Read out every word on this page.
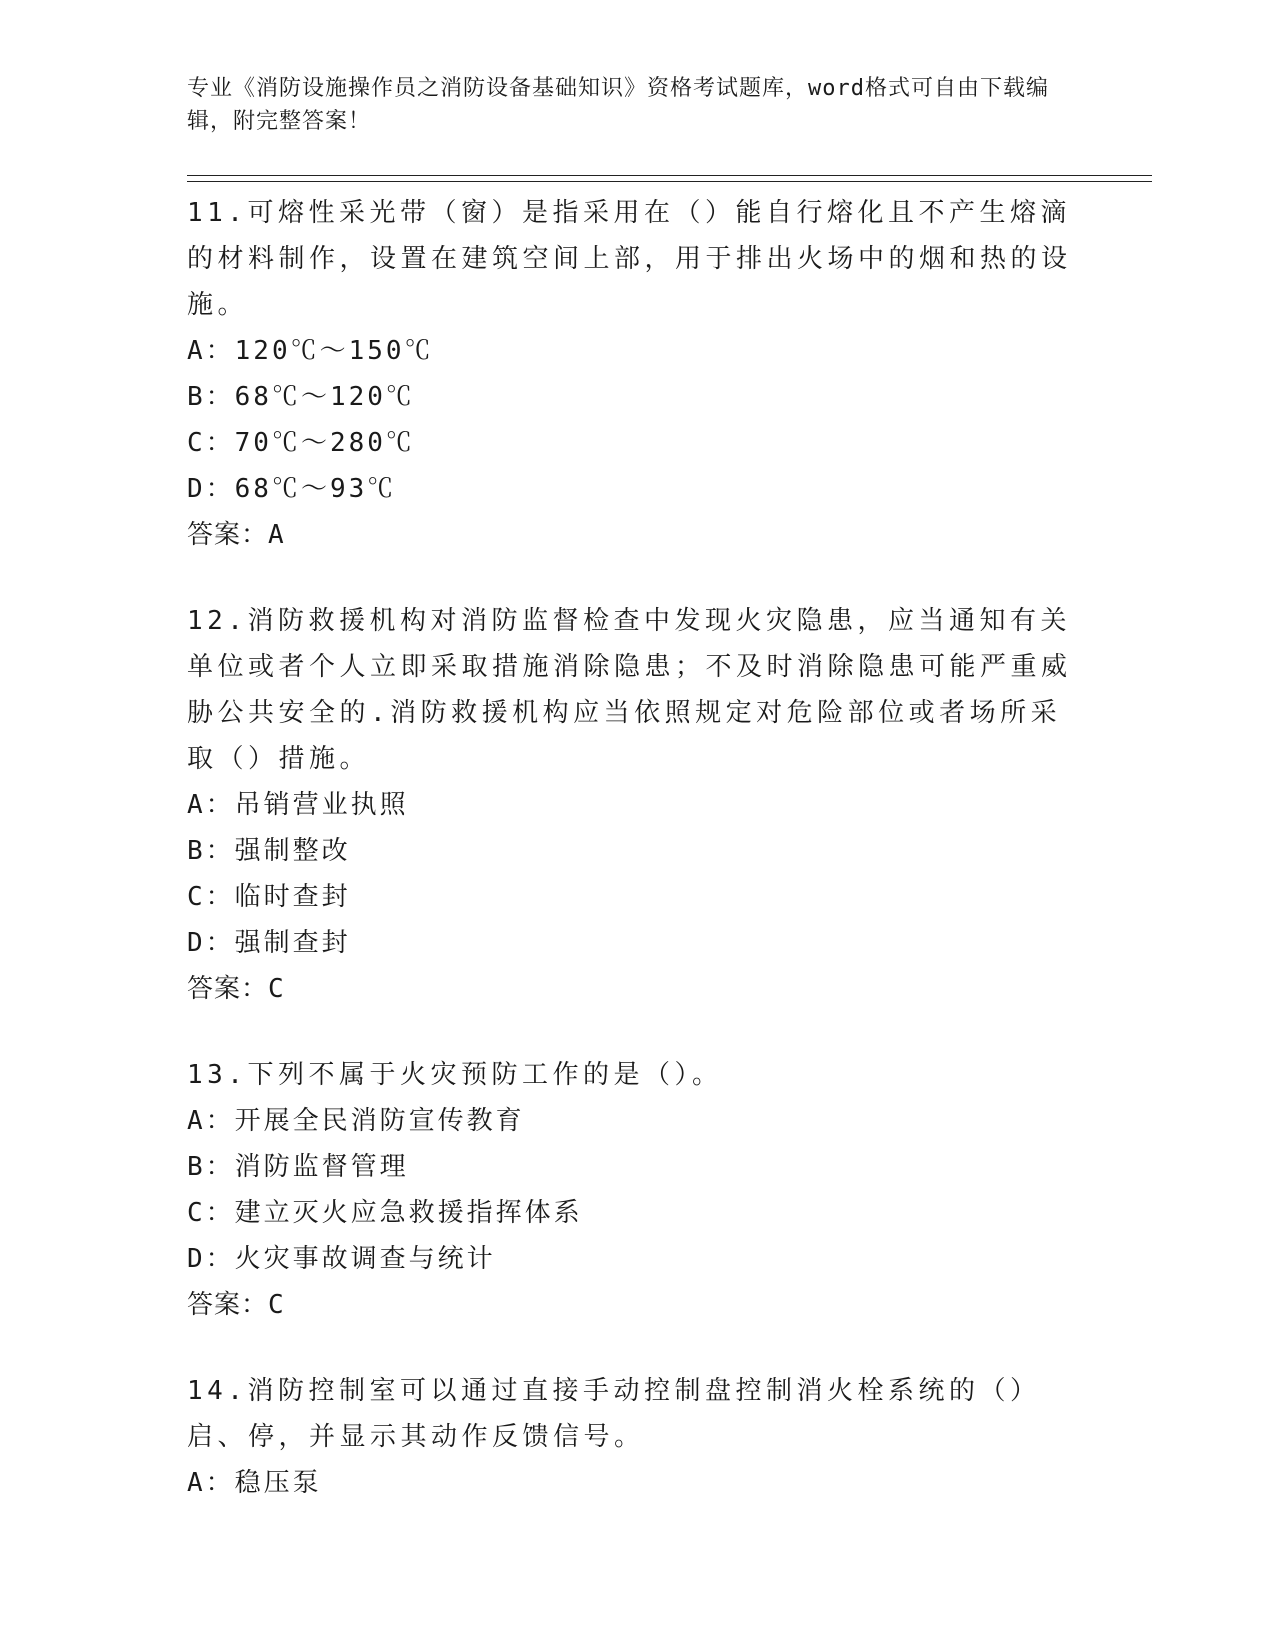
专业《消防设施操作员之消防设备基础知识》资格考试题库，word格式可自由下载编辑，附完整答案！

11.可熔性采光带（窗）是指采用在（）能自行熔化且不产生熔滴的材料制作，设置在建筑空间上部，用于排出火场中的烟和热的设施。

A：120℃～150℃

B：68℃～120℃

C：70℃～280℃

D：68℃～93℃

答案：A

12.消防救援机构对消防监督检查中发现火灾隐患，应当通知有关单位或者个人立即采取措施消除隐患；不及时消除隐患可能严重威胁公共安全的.消防救援机构应当依照规定对危险部位或者场所采取（）措施。

A：吊销营业执照

B：强制整改

C：临时查封

D：强制查封

答案：C

13.下列不属于火灾预防工作的是（）。

A：开展全民消防宣传教育

B：消防监督管理

C：建立灭火应急救援指挥体系

D：火灾事故调查与统计

答案：C

14.消防控制室可以通过直接手动控制盘控制消火栓系统的（）启、停，并显示其动作反馈信号。

A：稳压泵
